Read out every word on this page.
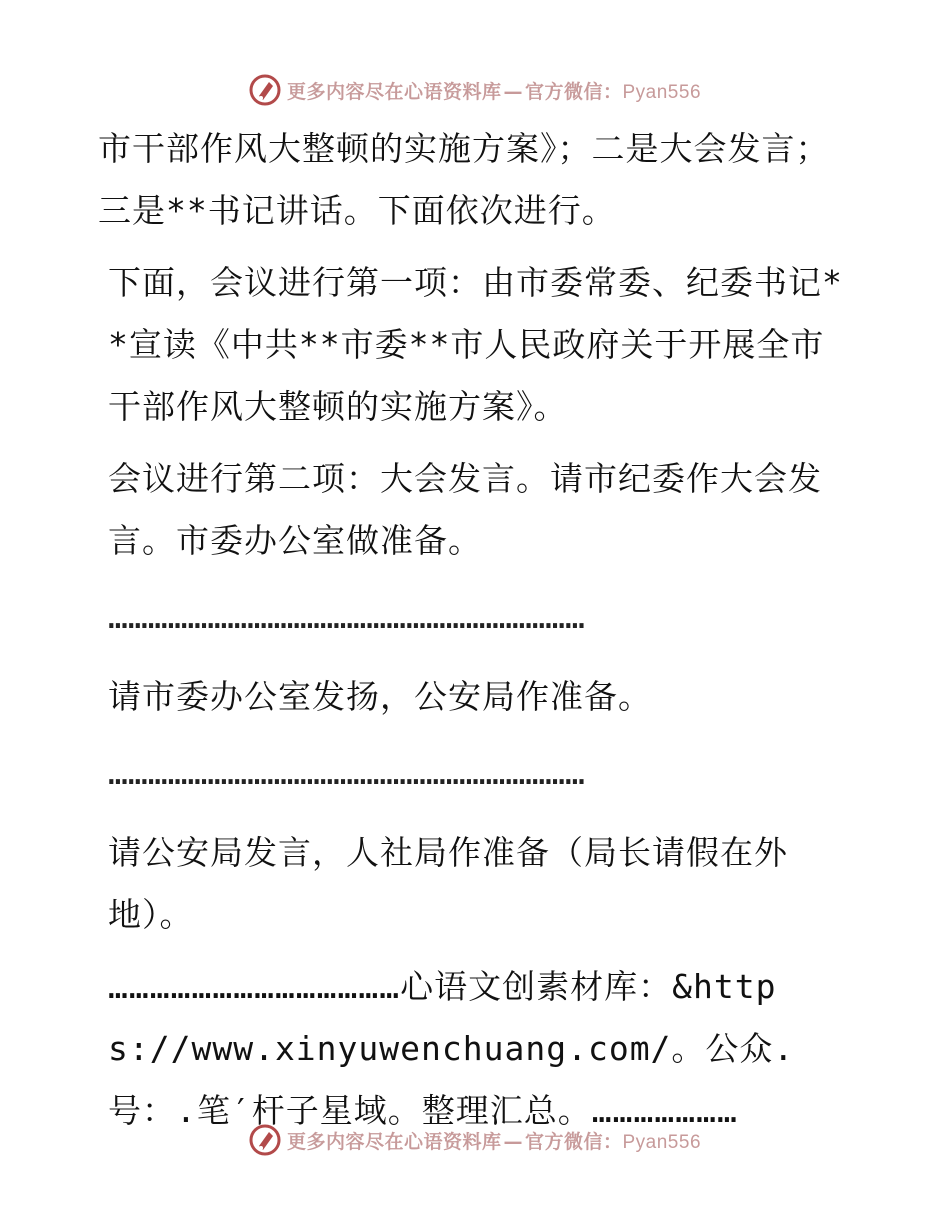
更多内容尽在心语资料库 — 官方微信：Pyan556

市干部作风大整顿的实施方案》；二是大会发言；三是**书记讲话。下面依次进行。

下面，会议进行第一项：由市委常委、纪委书记**宣读《中共**市委**市人民政府关于开展全市干部作风大整顿的实施方案》。

会议进行第二项：大会发言。请市纪委作大会发言。市委办公室做准备。

………………………………………………………………

请市委办公室发扬，公安局作准备。

………………………………………………………………

请公安局发言，人社局作准备（局长请假在外地）。

……………………………………心语文创素材库：&https://www.xinyuwenchuang.com/。公众.号：.笔′杆子星域。整理汇总。…………………

更多内容尽在心语资料库 — 官方微信：Pyan556
